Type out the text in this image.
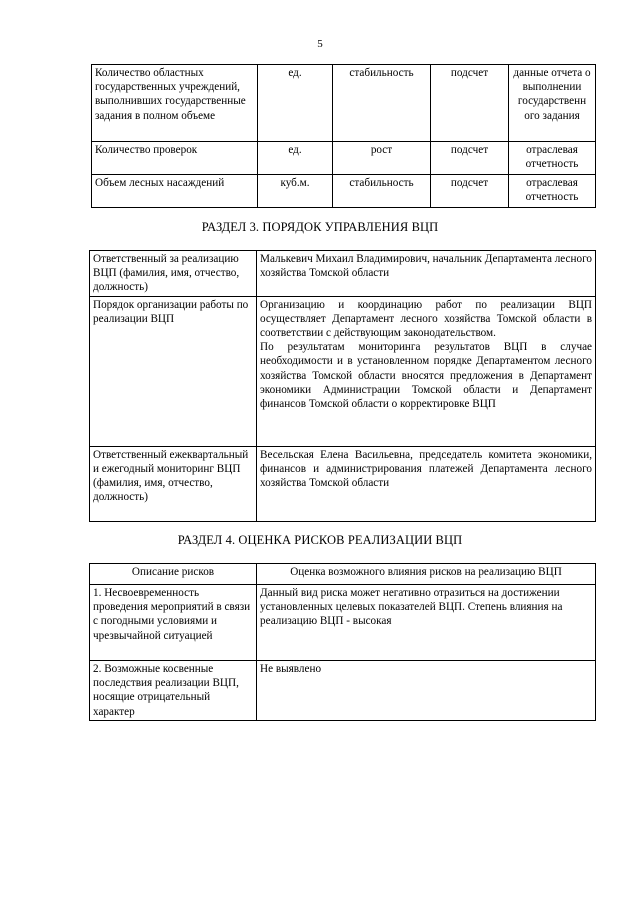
5
Количество областных государственных учреждений, выполнивших государственные задания в полном объеме	ед.	стабильность	подсчет	данные отчета о выполнении государственн ого задания
Количество проверок	ед.	рост	подсчет	отраслевая отчетность
Объем лесных насаждений	куб.м.	стабильность	подсчет	отраслевая отчетность
РАЗДЕЛ 3. ПОРЯДОК УПРАВЛЕНИЯ ВЦП
Ответственный за реализацию ВЦП (фамилия, имя, отчество, должность)	Малькевич Михаил Владимирович, начальник Департамента лесного хозяйства Томской области

Порядок организации работы по реализации ВЦП	Организацию и координацию работ по реализации ВЦП осуществляет Департамент лесного хозяйства Томской области в соответствии с действующим законодательством.
По результатам мониторинга результатов ВЦП в случае необходимости и в установленном порядке Департаментом лесного хозяйства Томской области вносятся предложения в Департамент экономики Администрации Томской области и Департамент финансов Томской области о корректировке ВЦП

Ответственный ежеквартальный и ежегодный мониторинг ВЦП (фамилия, имя, отчество, должность)	Весельская Елена Васильевна, председатель комитета экономики, финансов и администрирования платежей Департамента лесного хозяйства Томской области
РАЗДЕЛ 4. ОЦЕНКА РИСКОВ РЕАЛИЗАЦИИ ВЦП
Описание рисков	Оценка возможного влияния рисков на реализацию ВЦП
1. Несвоевременность проведения мероприятий в связи с погодными условиями и чрезвычайной ситуацией	Данный вид риска может негативно отразиться на достижении установленных целевых показателей ВЦП. Степень влияния на реализацию ВЦП - высокая
2. Возможные косвенные последствия реализации ВЦП, носящие отрицательный характер	Не выявлено
